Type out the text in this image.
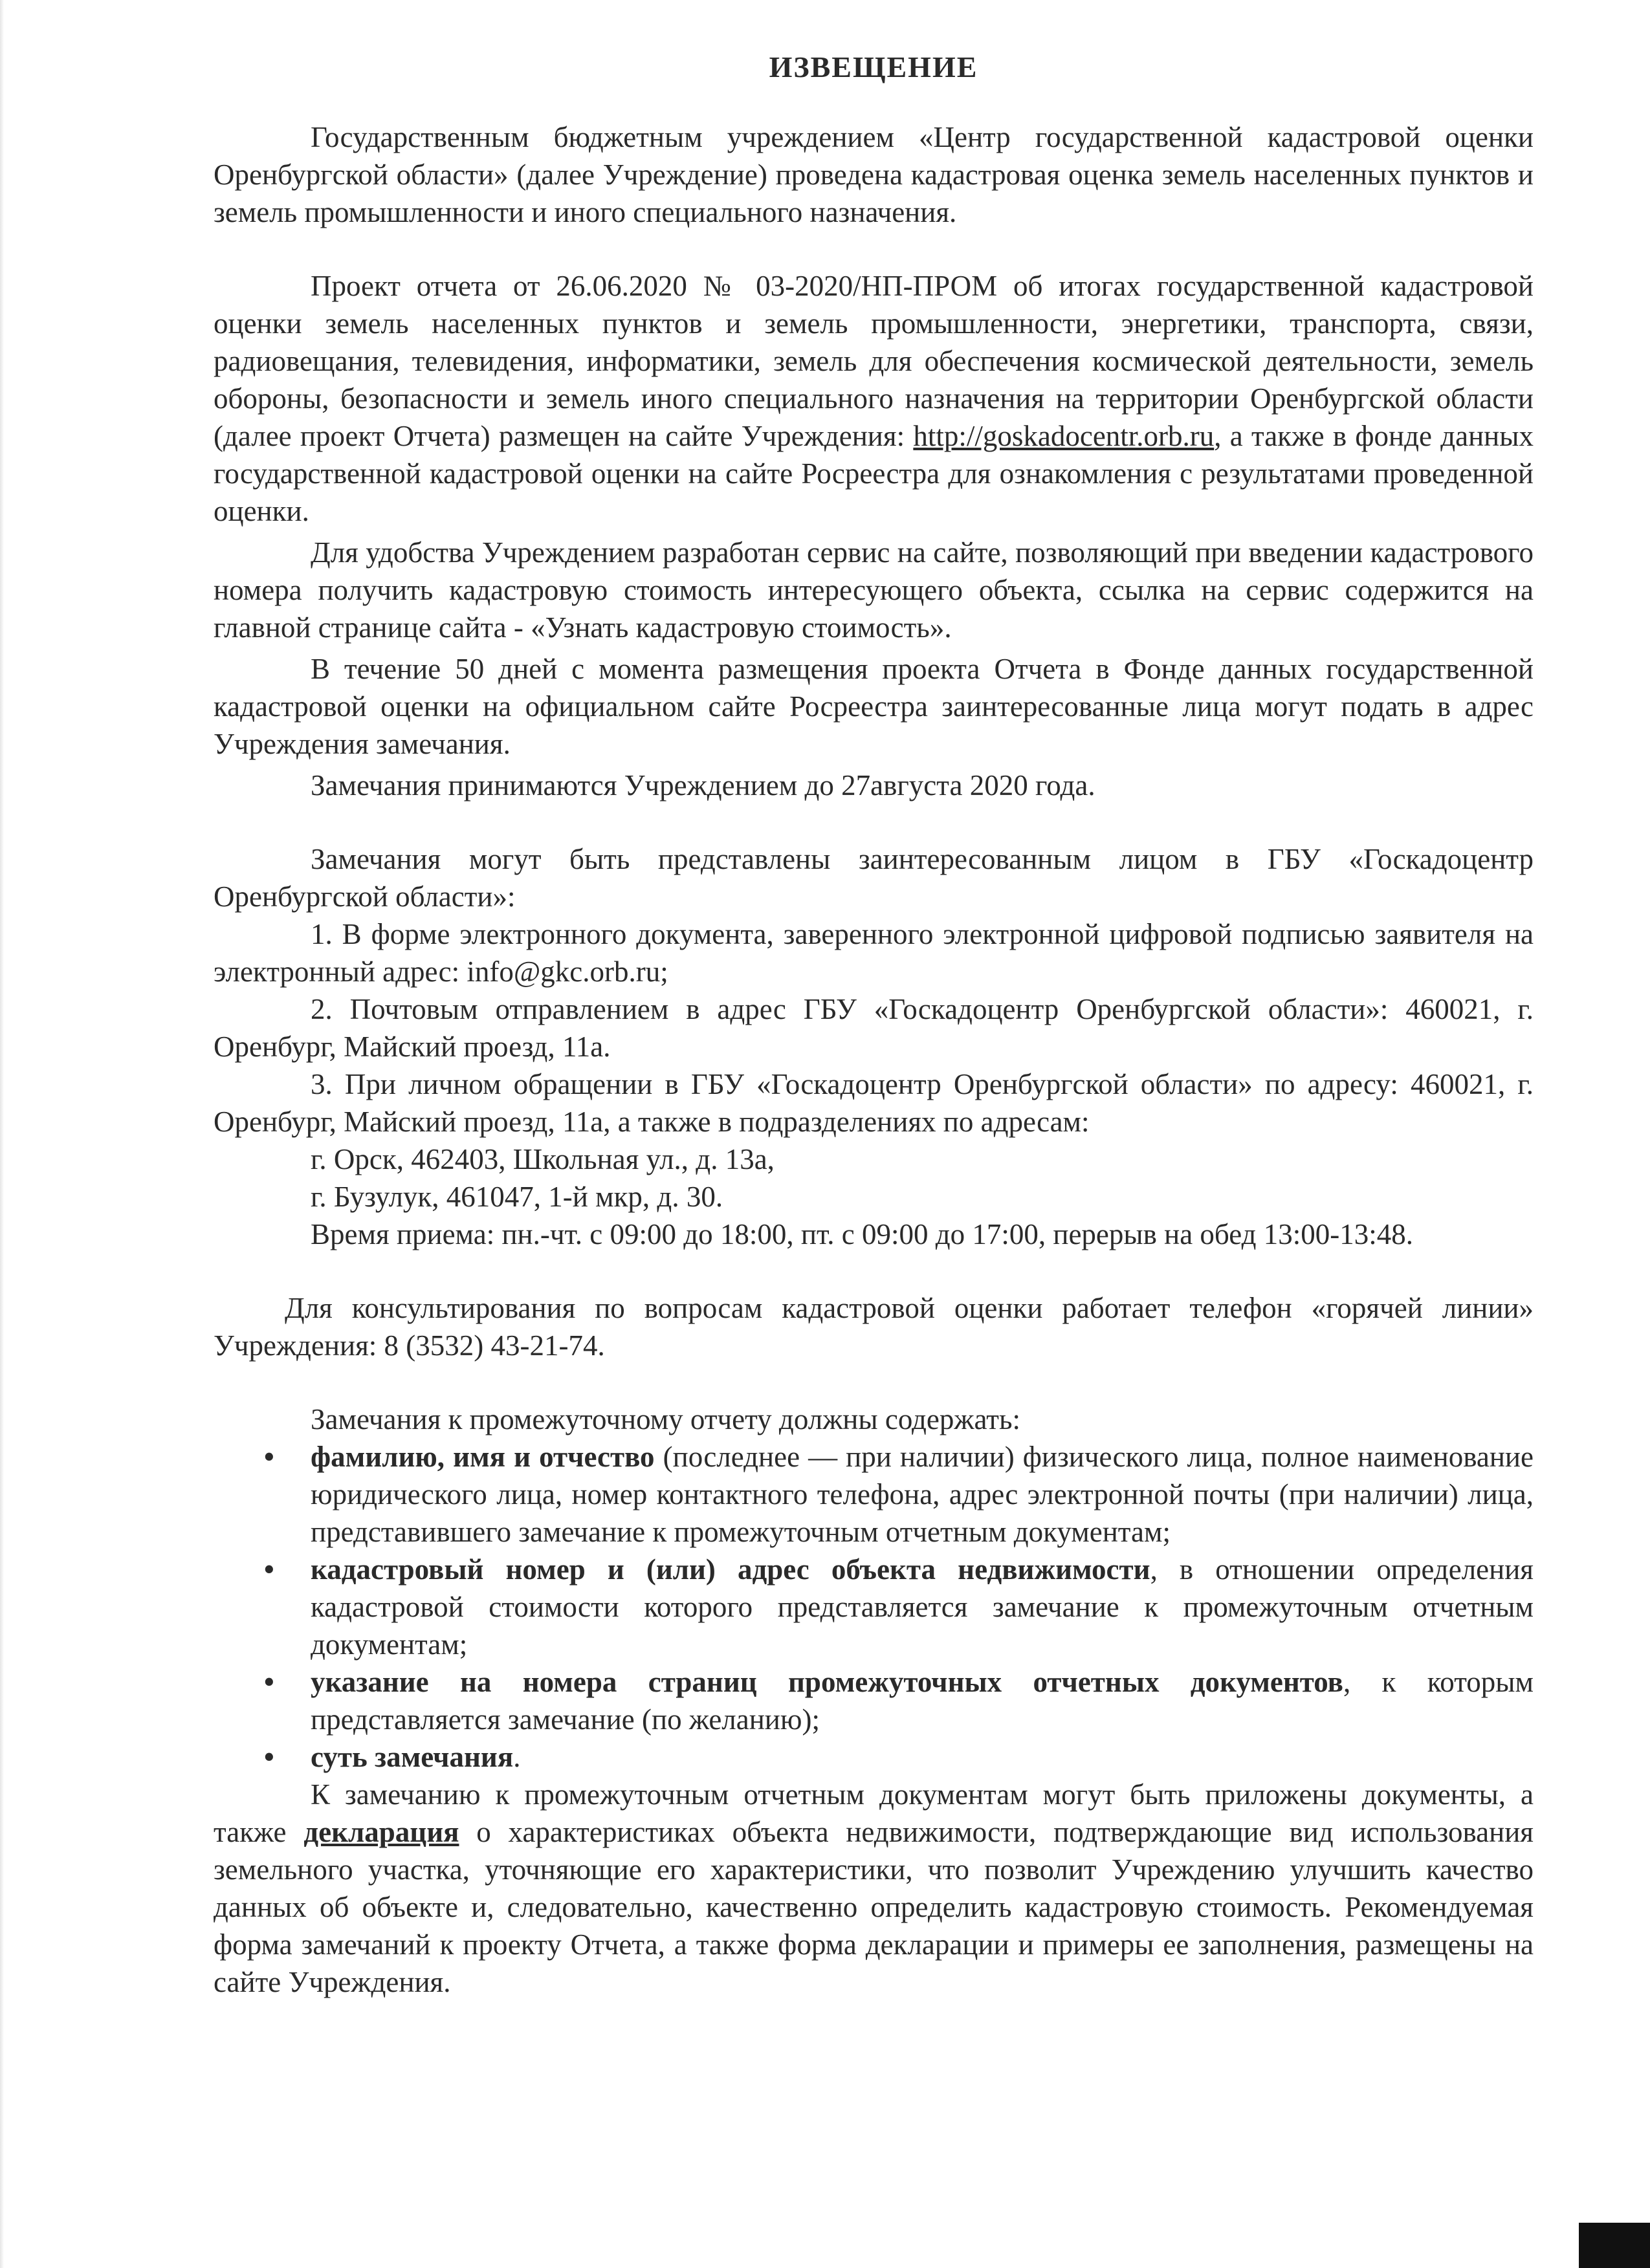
ИЗВЕЩЕНИЕ

Государственным бюджетным учреждением «Центр государственной кадастровой оценки Оренбургской области» (далее Учреждение) проведена кадастровая оценка земель населенных пунктов и земель промышленности и иного специального назначения.

Проект отчета от 26.06.2020 № 03-2020/НП-ПРОМ об итогах государственной кадастровой оценки земель населенных пунктов и земель промышленности, энергетики, транспорта, связи, радиовещания, телевидения, информатики, земель для обеспечения космической деятельности, земель обороны, безопасности и земель иного специального назначения на территории Оренбургской области (далее проект Отчета) размещен на сайте Учреждения: http://goskadocentr.orb.ru, а также в фонде данных государственной кадастровой оценки на сайте Росреестра для ознакомления с результатами проведенной оценки.

Для удобства Учреждением разработан сервис на сайте, позволяющий при введении кадастрового номера получить кадастровую стоимость интересующего объекта, ссылка на сервис содержится на главной странице сайта - «Узнать кадастровую стоимость».

В течение 50 дней с момента размещения проекта Отчета в Фонде данных государственной кадастровой оценки на официальном сайте Росреестра заинтересованные лица могут подать в адрес Учреждения замечания.

Замечания принимаются Учреждением до 27августа 2020 года.

Замечания могут быть представлены заинтересованным лицом в ГБУ «Госкадоцентр Оренбургской области»:

1. В форме электронного документа, заверенного электронной цифровой подписью заявителя на электронный адрес: info@gkc.orb.ru;

2. Почтовым отправлением в адрес ГБУ «Госкадоцентр Оренбургской области»: 460021, г. Оренбург, Майский проезд, 11а.

3. При личном обращении в ГБУ «Госкадоцентр Оренбургской области» по адресу: 460021, г. Оренбург, Майский проезд, 11а, а также в подразделениях по адресам:

г. Орск, 462403, Школьная ул., д. 13а,

г. Бузулук, 461047, 1-й мкр, д. 30.

Время приема: пн.-чт. с 09:00 до 18:00, пт. с 09:00 до 17:00, перерыв на обед 13:00-13:48.

Для консультирования по вопросам кадастровой оценки работает телефон «горячей линии» Учреждения: 8 (3532) 43-21-74.

Замечания к промежуточному отчету должны содержать:

• фамилию, имя и отчество (последнее — при наличии) физического лица, полное наименование юридического лица, номер контактного телефона, адрес электронной почты (при наличии) лица, представившего замечание к промежуточным отчетным документам;
• кадастровый номер и (или) адрес объекта недвижимости, в отношении определения кадастровой стоимости которого представляется замечание к промежуточным отчетным документам;
• указание на номера страниц промежуточных отчетных документов, к которым представляется замечание (по желанию);
• суть замечания.

К замечанию к промежуточным отчетным документам могут быть приложены документы, а также декларация о характеристиках объекта недвижимости, подтверждающие вид использования земельного участка, уточняющие его характеристики, что позволит Учреждению улучшить качество данных об объекте и, следовательно, качественно определить кадастровую стоимость. Рекомендуемая форма замечаний к проекту Отчета, а также форма декларации и примеры ее заполнения, размещены на сайте Учреждения.
